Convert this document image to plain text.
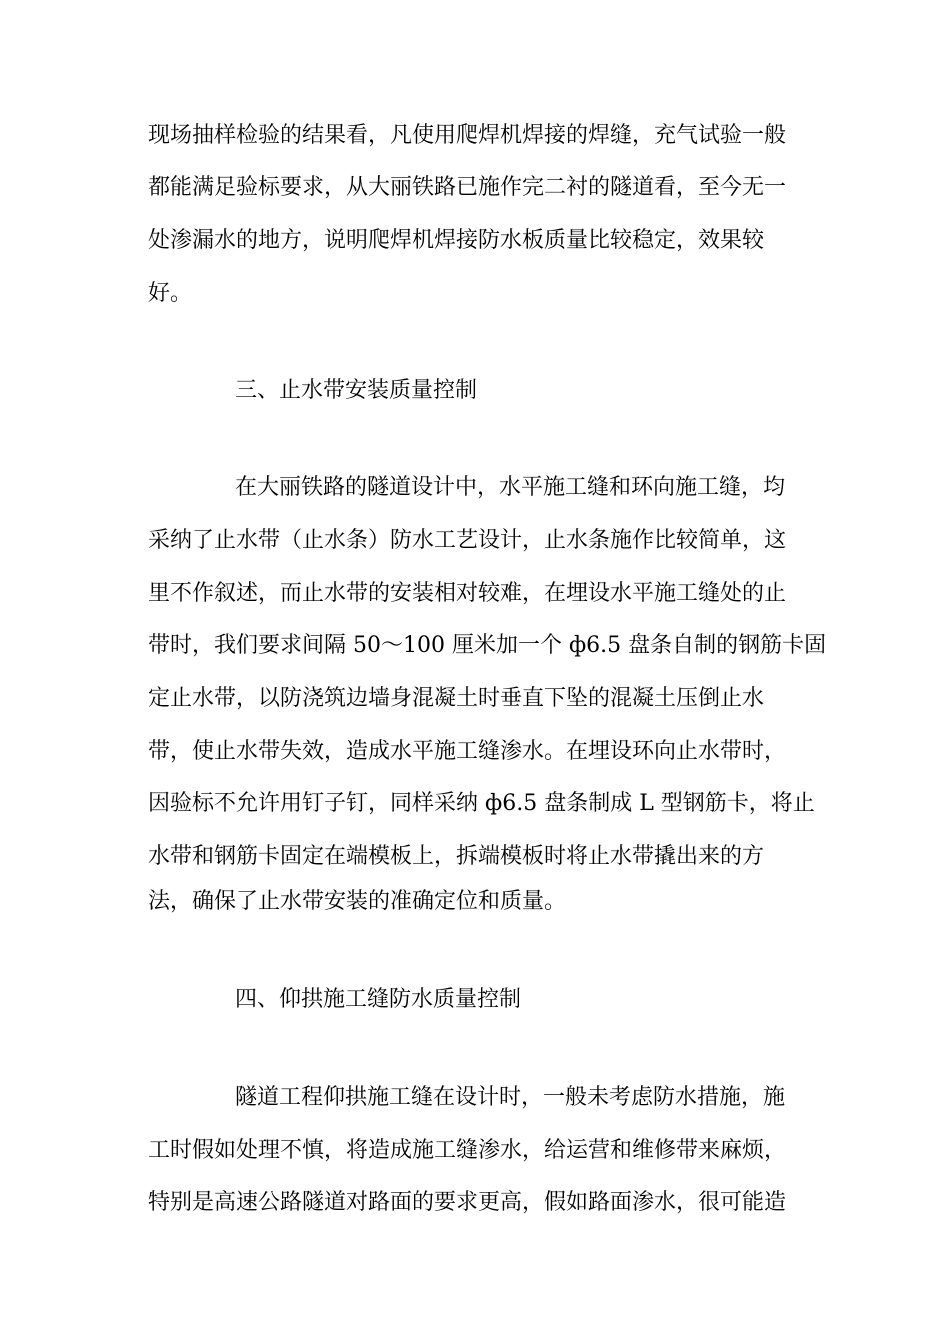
现场抽样检验的结果看，凡使用爬焊机焊接的焊缝，充气试验一般
都能满足验标要求，从大丽铁路已施作完二衬的隧道看，至今无一
处渗漏水的地方，说明爬焊机焊接防水板质量比较稳定，效果较
好。
三、止水带安装质量控制
在大丽铁路的隧道设计中，水平施工缝和环向施工缝，均
采纳了止水带（止水条）防水工艺设计，止水条施作比较简单，这
里不作叙述，而止水带的安装相对较难，在埋设水平施工缝处的止
带时，我们要求间隔 50～100 厘米加一个 ф6.5 盘条自制的钢筋卡固
定止水带，以防浇筑边墙身混凝土时垂直下坠的混凝土压倒止水
带，使止水带失效，造成水平施工缝渗水。在埋设环向止水带时，
因验标不允许用钉子钉，同样采纳 ф6.5 盘条制成 L 型钢筋卡，将止
水带和钢筋卡固定在端模板上，拆端模板时将止水带撬出来的方
法，确保了止水带安装的准确定位和质量。
四、仰拱施工缝防水质量控制
隧道工程仰拱施工缝在设计时，一般未考虑防水措施，施
工时假如处理不慎，将造成施工缝渗水，给运营和维修带来麻烦，
特别是高速公路隧道对路面的要求更高，假如路面渗水，很可能造
